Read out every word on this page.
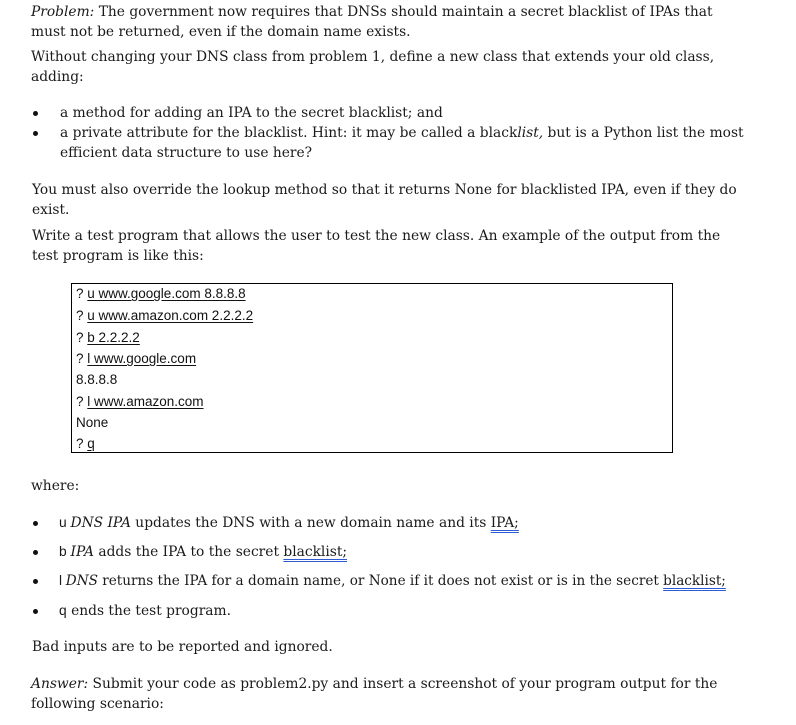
Problem: The government now requires that DNSs should maintain a secret blacklist of IPAs that

must not be returned, even if the domain name exists.

Without changing your DNS class from problem 1, define a new class that extends your old class,

adding:

a method for adding an IPA to the secret blacklist; and

a private attribute for the blacklist. Hint: it may be called a blacklist, but is a Python list the most

efficient data structure to use here?

You must also override the lookup method so that it returns None for blacklisted IPA, even if they do

exist.

Write a test program that allows the user to test the new class. An example of the output from the

test program is like this:

? u www.google.com 8.8.8.8
? u www.amazon.com 2.2.2.2
? b 2.2.2.2
? l www.google.com
8.8.8.8
? l www.amazon.com
None
? q

where:

u DNS IPA updates the DNS with a new domain name and its IPA;

b IPA adds the IPA to the secret blacklist;

l DNS returns the IPA for a domain name, or None if it does not exist or is in the secret blacklist;

q ends the test program.

Bad inputs are to be reported and ignored.

Answer: Submit your code as problem2.py and insert a screenshot of your program output for the

following scenario:
